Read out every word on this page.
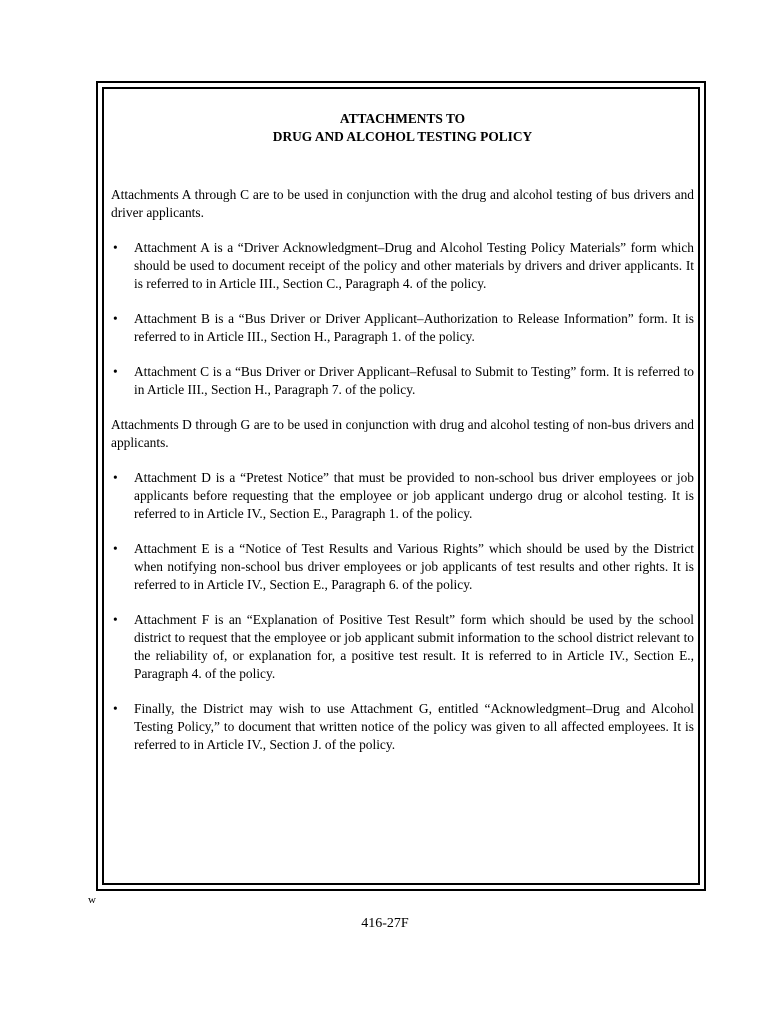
ATTACHMENTS TO
DRUG AND ALCOHOL TESTING POLICY
Attachments A through C are to be used in conjunction with the drug and alcohol testing of bus drivers and driver applicants.
• Attachment A is a “Driver Acknowledgment–Drug and Alcohol Testing Policy Materials” form which should be used to document receipt of the policy and other materials by drivers and driver applicants. It is referred to in Article III., Section C., Paragraph 4. of the policy.
• Attachment B is a “Bus Driver or Driver Applicant–Authorization to Release Information” form. It is referred to in Article III., Section H., Paragraph 1. of the policy.
• Attachment C is a “Bus Driver or Driver Applicant–Refusal to Submit to Testing” form. It is referred to in Article III., Section H., Paragraph 7. of the policy.
Attachments D through G are to be used in conjunction with drug and alcohol testing of non-bus drivers and applicants.
• Attachment D is a “Pretest Notice” that must be provided to non-school bus driver employees or job applicants before requesting that the employee or job applicant undergo drug or alcohol testing. It is referred to in Article IV., Section E., Paragraph 1. of the policy.
• Attachment E is a “Notice of Test Results and Various Rights” which should be used by the District when notifying non-school bus driver employees or job applicants of test results and other rights. It is referred to in Article IV., Section E., Paragraph 6. of the policy.
• Attachment F is an “Explanation of Positive Test Result” form which should be used by the school district to request that the employee or job applicant submit information to the school district relevant to the reliability of, or explanation for, a positive test result. It is referred to in Article IV., Section E., Paragraph 4. of the policy.
• Finally, the District may wish to use Attachment G, entitled “Acknowledgment–Drug and Alcohol Testing Policy,” to document that written notice of the policy was given to all affected employees. It is referred to in Article IV., Section J. of the policy.
w
416-27F
